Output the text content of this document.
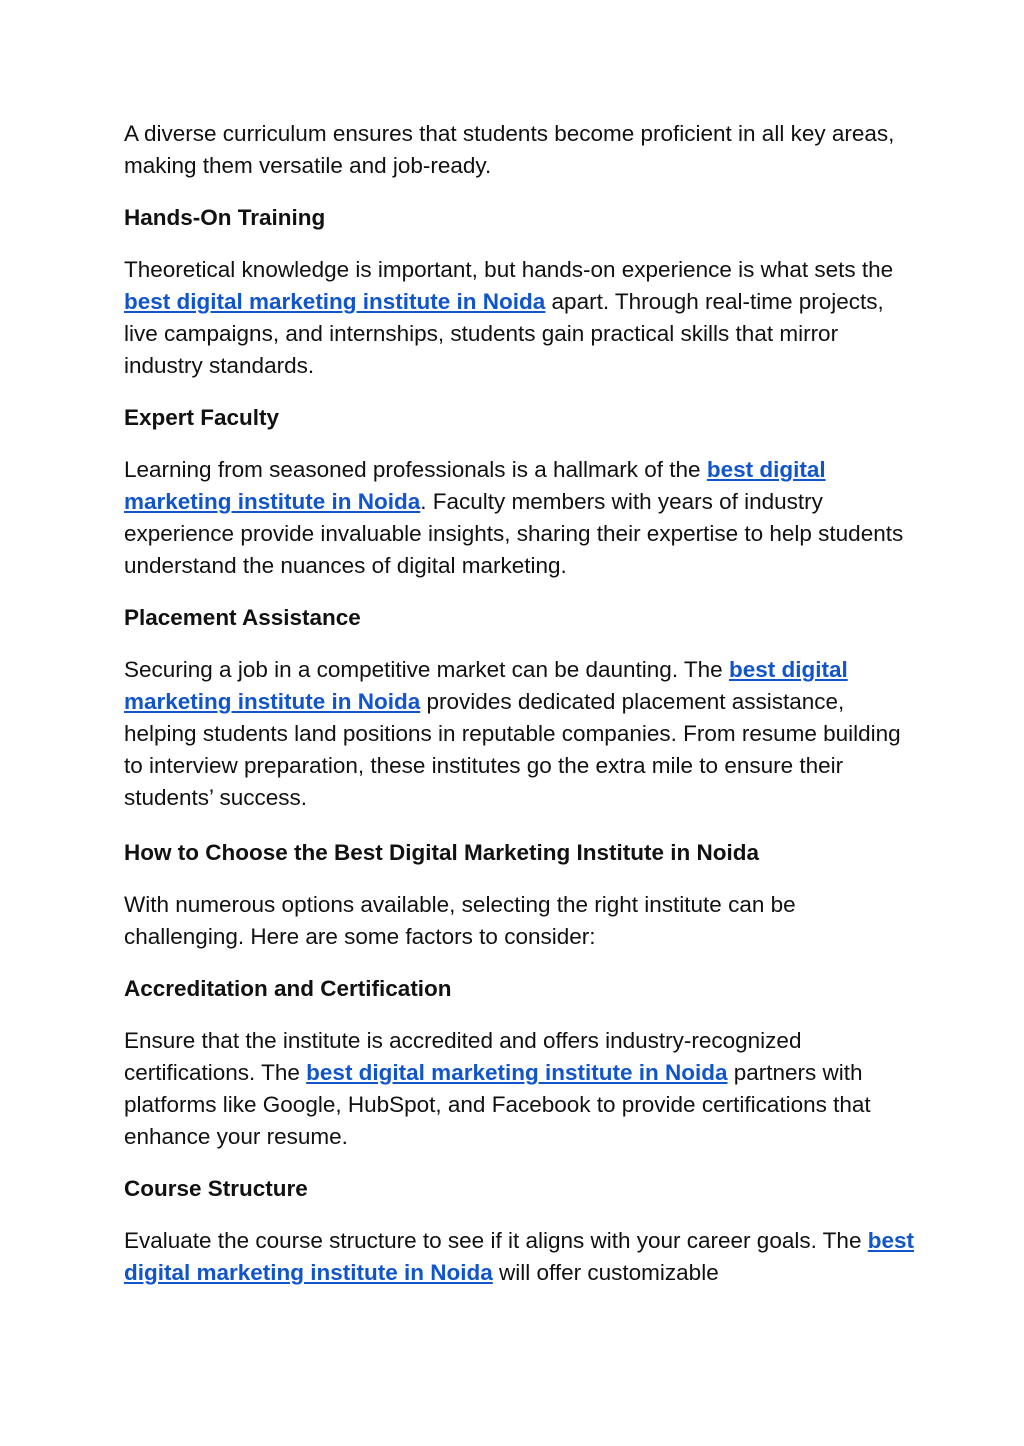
A diverse curriculum ensures that students become proficient in all key areas, making them versatile and job-ready.

Hands-On Training

Theoretical knowledge is important, but hands-on experience is what sets the best digital marketing institute in Noida apart. Through real-time projects, live campaigns, and internships, students gain practical skills that mirror industry standards.

Expert Faculty

Learning from seasoned professionals is a hallmark of the best digital marketing institute in Noida. Faculty members with years of industry experience provide invaluable insights, sharing their expertise to help students understand the nuances of digital marketing.

Placement Assistance

Securing a job in a competitive market can be daunting. The best digital marketing institute in Noida provides dedicated placement assistance, helping students land positions in reputable companies. From resume building to interview preparation, these institutes go the extra mile to ensure their students’ success.

How to Choose the Best Digital Marketing Institute in Noida

With numerous options available, selecting the right institute can be challenging. Here are some factors to consider:

Accreditation and Certification

Ensure that the institute is accredited and offers industry-recognized certifications. The best digital marketing institute in Noida partners with platforms like Google, HubSpot, and Facebook to provide certifications that enhance your resume.

Course Structure

Evaluate the course structure to see if it aligns with your career goals. The best digital marketing institute in Noida will offer customizable
